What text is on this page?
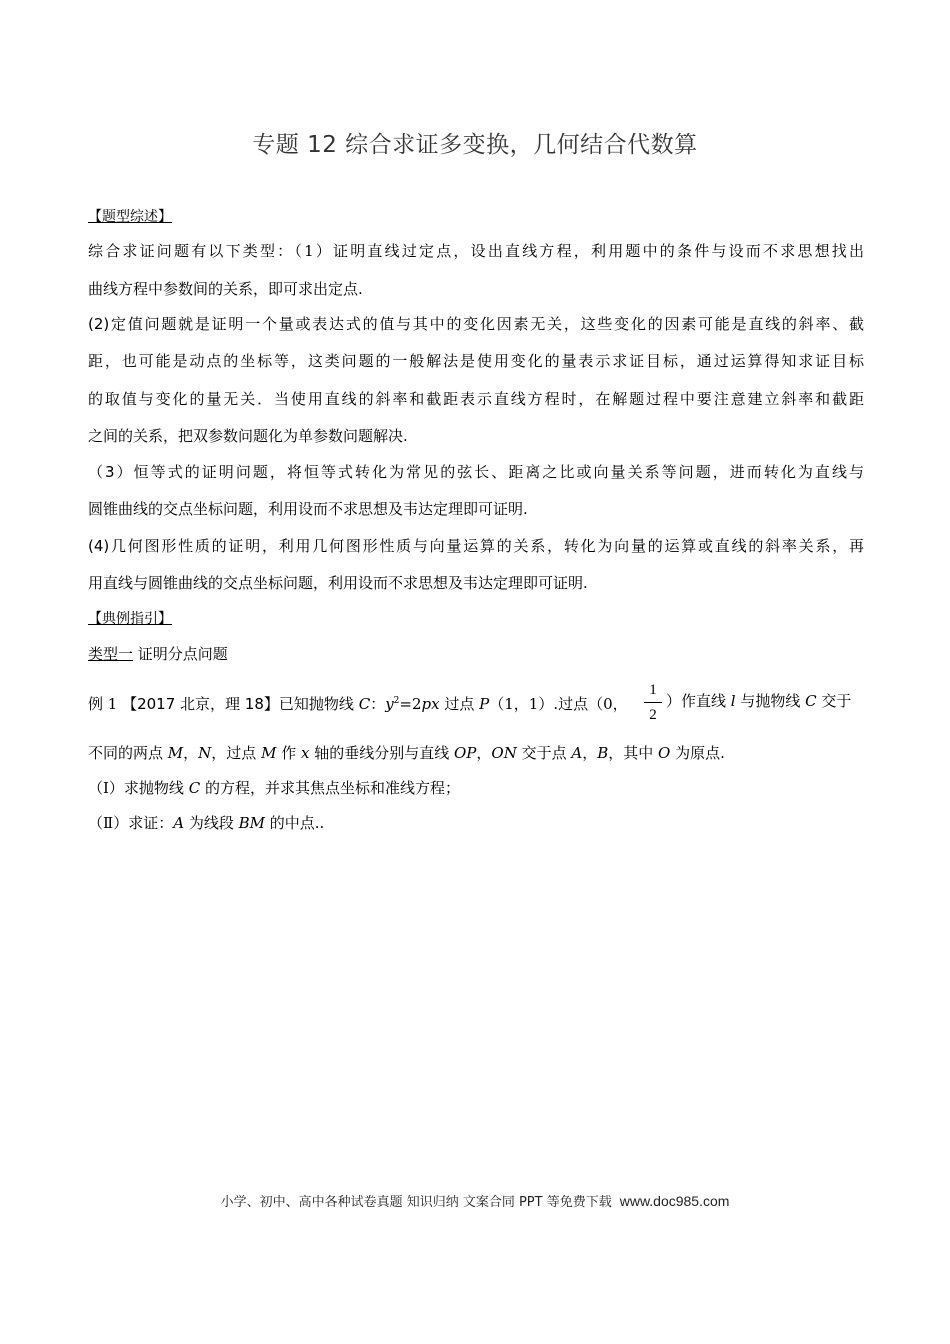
专题 12 综合求证多变换，几何结合代数算
【题型综述】
综合求证问题有以下类型：（1）证明直线过定点，设出直线方程，利用题中的条件与设而不求思想找出
曲线方程中参数间的关系，即可求出定点.
(2)定值问题就是证明一个量或表达式的值与其中的变化因素无关，这些变化的因素可能是直线的斜率、截
距，也可能是动点的坐标等，这类问题的一般解法是使用变化的量表示求证目标，通过运算得知求证目标
的取值与变化的量无关．当使用直线的斜率和截距表示直线方程时，在解题过程中要注意建立斜率和截距
之间的关系，把双参数问题化为单参数问题解决.
（3）恒等式的证明问题，将恒等式转化为常见的弦长、距离之比或向量关系等问题，进而转化为直线与
圆锥曲线的交点坐标问题，利用设而不求思想及韦达定理即可证明.
(4)几何图形性质的证明，利用几何图形性质与向量运算的关系，转化为向量的运算或直线的斜率关系，再
用直线与圆锥曲线的交点坐标问题，利用设而不求思想及韦达定理即可证明.
【典例指引】
类型一 证明分点问题
例 1 【2017 北京，理 18】已知抛物线 C：$y^2=2px$ 过点 P（1，1）.过点（0，
1
2
）作直线 l 与抛物线 C 交于
不同的两点 M，N，过点 M 作 x 轴的垂线分别与直线 OP，ON 交于点 A，B，其中 O 为原点.
（Ⅰ）求抛物线 C 的方程，并求其焦点坐标和准线方程；
（Ⅱ）求证：A 为线段 BM 的中点..
小学、初中、高中各种试卷真题 知识归纳 文案合同 PPT 等免费下载 www.doc985.com
